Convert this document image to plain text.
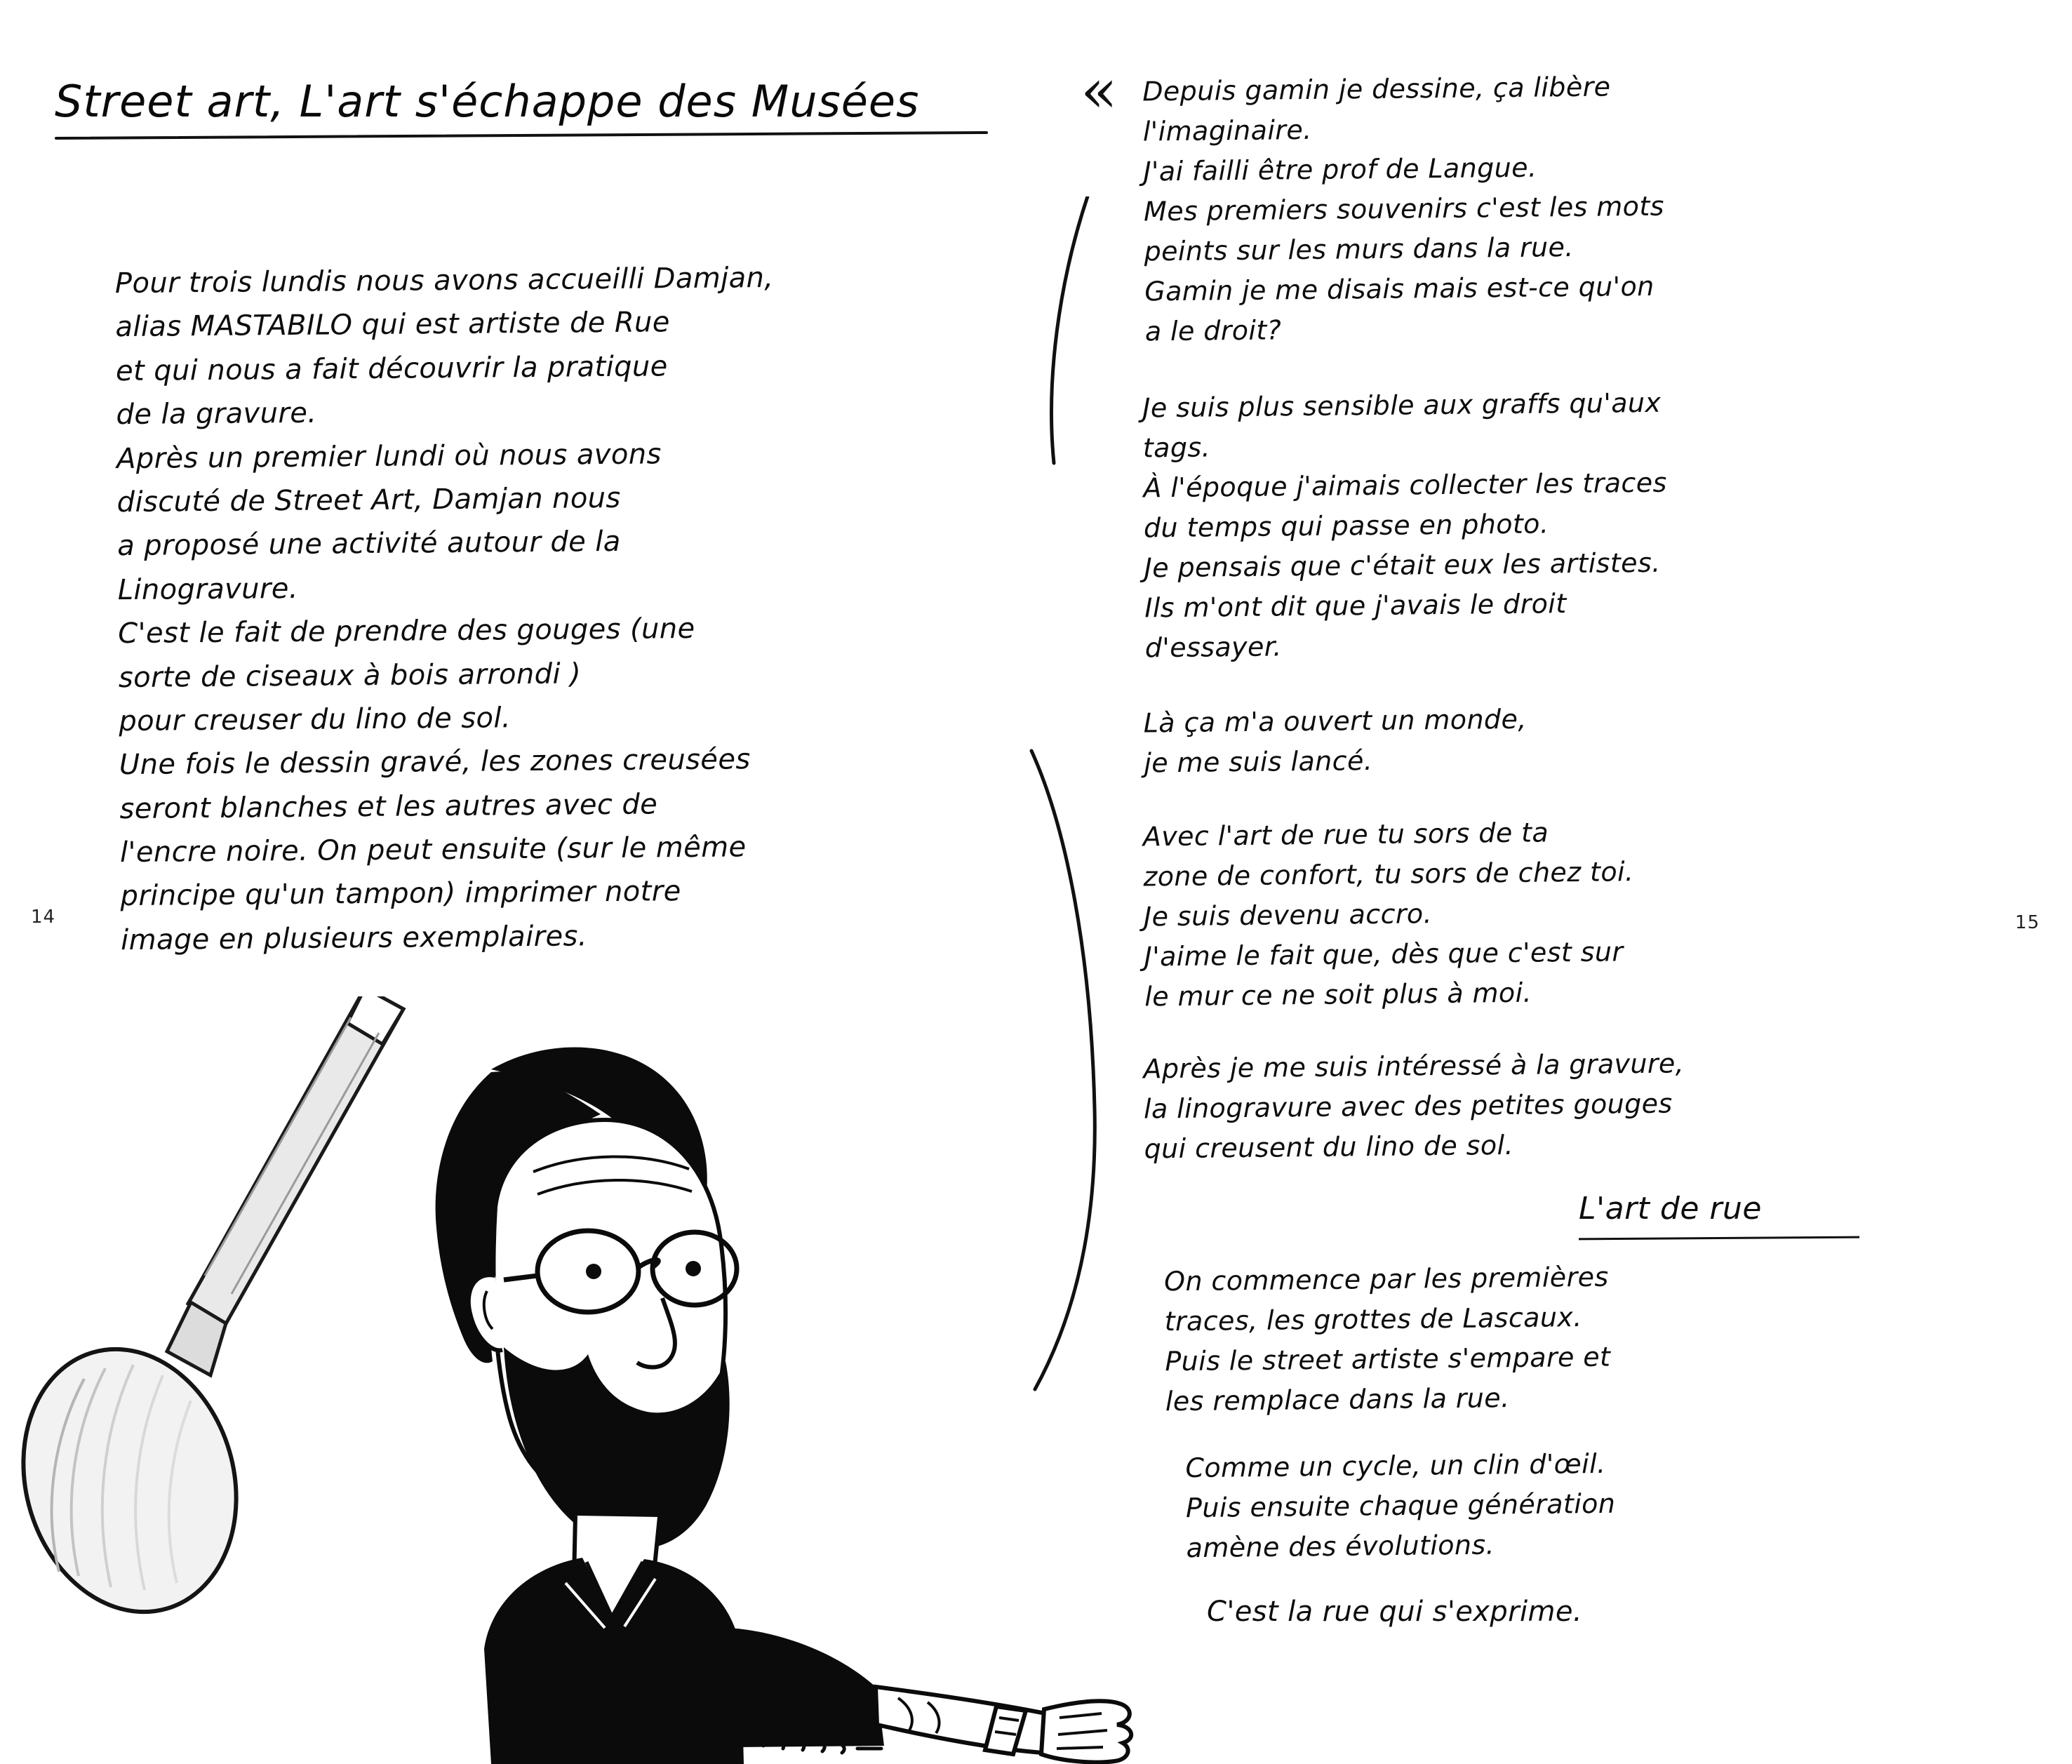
14	15
Street art, L'art s'échappe des Musées
Pour trois lundis nous avons accueilli Damjan,
alias MASTABILO qui est artiste de Rue
et qui nous a fait découvrir la pratique
de la gravure.
Après un premier lundi où nous avons
discuté de Street Art, Damjan nous
a proposé une activité autour de la
Linogravure.
C'est le fait de prendre des gouges (une
sorte de ciseaux à bois arrondi )
pour creuser du lino de sol.
Une fois le dessin gravé, les zones creusées
seront blanches et les autres avec de
l'encre noire. On peut ensuite (sur le même
principe qu'un tampon) imprimer notre
image en plusieurs exemplaires.
« Depuis gamin je dessine, ça libère
l'imaginaire.
J'ai failli être prof de Langue.
Mes premiers souvenirs c'est les mots
peints sur les murs dans la rue.
Gamin je me disais mais est-ce qu'on
a le droit?
Je suis plus sensible aux graffs qu'aux
tags.
À l'époque j'aimais collecter les traces
du temps qui passe en photo.
Je pensais que c'était eux les artistes.
Ils m'ont dit que j'avais le droit
d'essayer.
Là ça m'a ouvert un monde,
je me suis lancé.
Avec l'art de rue tu sors de ta
zone de confort, tu sors de chez toi.
Je suis devenu accro.
J'aime le fait que, dès que c'est sur
le mur ce ne soit plus à moi.
Après je me suis intéressé à la gravure,
la linogravure avec des petites gouges
qui creusent du lino de sol.
L'art de rue
On commence par les premières
traces, les grottes de Lascaux.
Puis le street artiste s'empare et
les remplace dans la rue.
Comme un cycle, un clin d'œil.
Puis ensuite chaque génération
amène des évolutions.
C'est la rue qui s'exprime.
